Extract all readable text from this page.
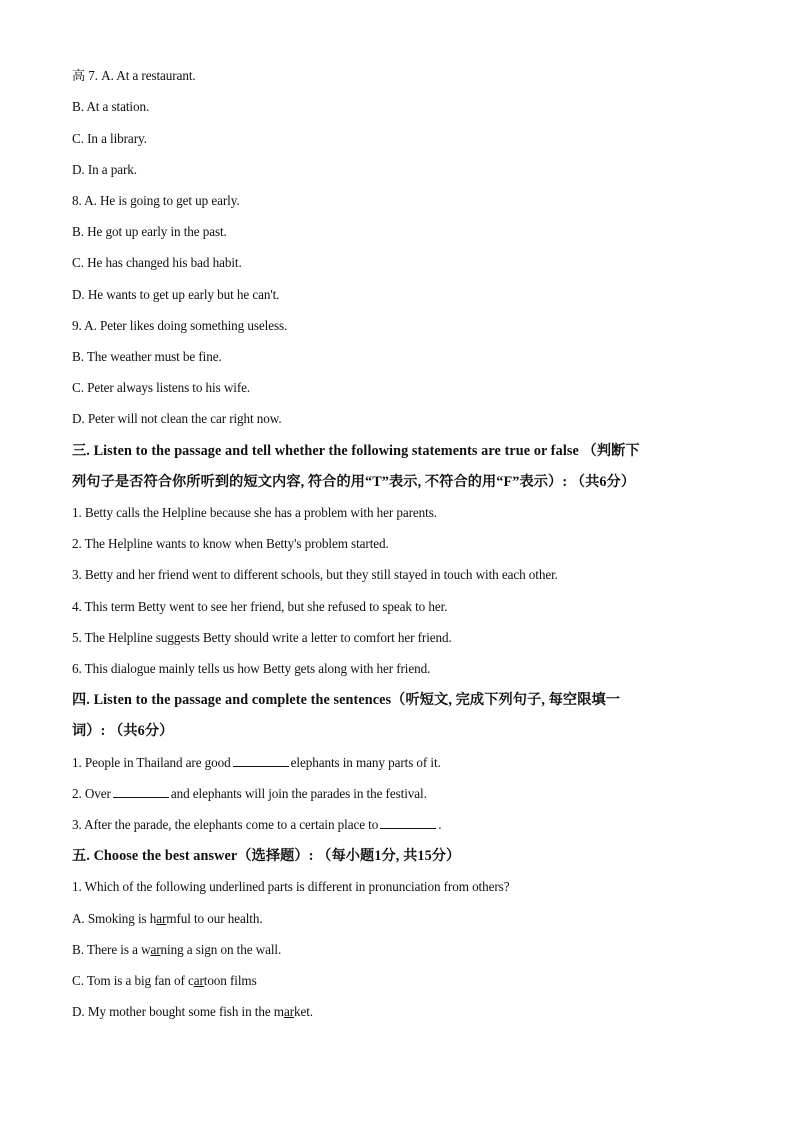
高 7. A. At a restaurant.
B. At a station.
C. In a library.
D. In a park.
8. A. He is going to get up early.
B. He got up early in the past.
C. He has changed his bad habit.
D. He wants to get up early but he can't.
9. A. Peter likes doing something useless.
B. The weather must be fine.
C. Peter always listens to his wife.
D. Peter will not clean the car right now.
三. Listen to the passage and tell whether the following statements are true or false （判断下
列句子是否符合你所听到的短文内容, 符合的用“T”表示, 不符合的用“F”表示）: （共6分）
1. Betty calls the Helpline because she has a problem with her parents.
2. The Helpline wants to know when Betty's problem started.
3. Betty and her friend went to different schools, but they still stayed in touch with each other.
4. This term Betty went to see her friend, but she refused to speak to her.
5. The Helpline suggests Betty should write a letter to comfort her friend.
6. This dialogue mainly tells us how Betty gets along with her friend.
四. Listen to the passage and complete the sentences（听短文, 完成下列句子, 每空限填一
词）: （共6分）
1. People in Thailand are good	elephants in many parts of it.
2. Over	and elephants will join the parades in the festival.
3. After the parade, the elephants come to a certain place to	.
五. Choose the best answer（选择题）: （每小题1分, 共15分）
1. Which of the following underlined parts is different in pronunciation from others?
A. Smoking is harmful to our health.
B. There is a warning a sign on the wall.
C. Tom is a big fan of cartoon films
D. My mother bought some fish in the market.
